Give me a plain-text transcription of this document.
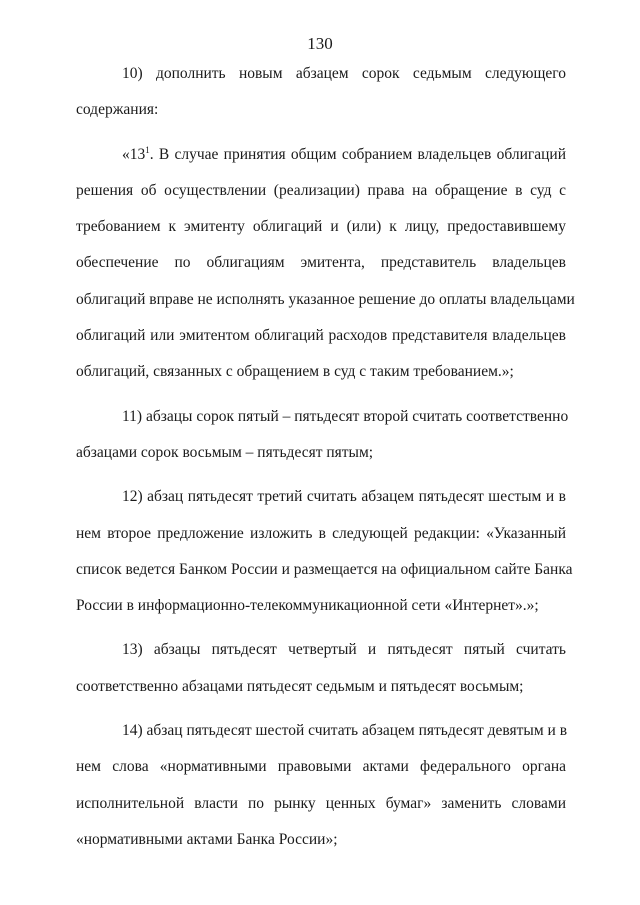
130
10) дополнить новым абзацем сорок седьмым следующего
содержания:
«$13^1$. В случае принятия общим собранием владельцев облигаций
решения об осуществлении (реализации) права на обращение в суд с
требованием к эмитенту облигаций и (или) к лицу, предоставившему
обеспечение по облигациям эмитента, представитель владельцев
облигаций вправе не исполнять указанное решение до оплаты владельцами
облигаций или эмитентом облигаций расходов представителя владельцев
облигаций, связанных с обращением в суд с таким требованием.»;
11) абзацы сорок пятый – пятьдесят второй считать соответственно
абзацами сорок восьмым – пятьдесят пятым;
12) абзац пятьдесят третий считать абзацем пятьдесят шестым и в
нем второе предложение изложить в следующей редакции: «Указанный
список ведется Банком России и размещается на официальном сайте Банка
России в информационно-телекоммуникационной сети «Интернет».»;
13) абзацы пятьдесят четвертый и пятьдесят пятый считать
соответственно абзацами пятьдесят седьмым и пятьдесят восьмым;
14) абзац пятьдесят шестой считать абзацем пятьдесят девятым и в
нем слова «нормативными правовыми актами федерального органа
исполнительной власти по рынку ценных бумаг» заменить словами
«нормативными актами Банка России»;
